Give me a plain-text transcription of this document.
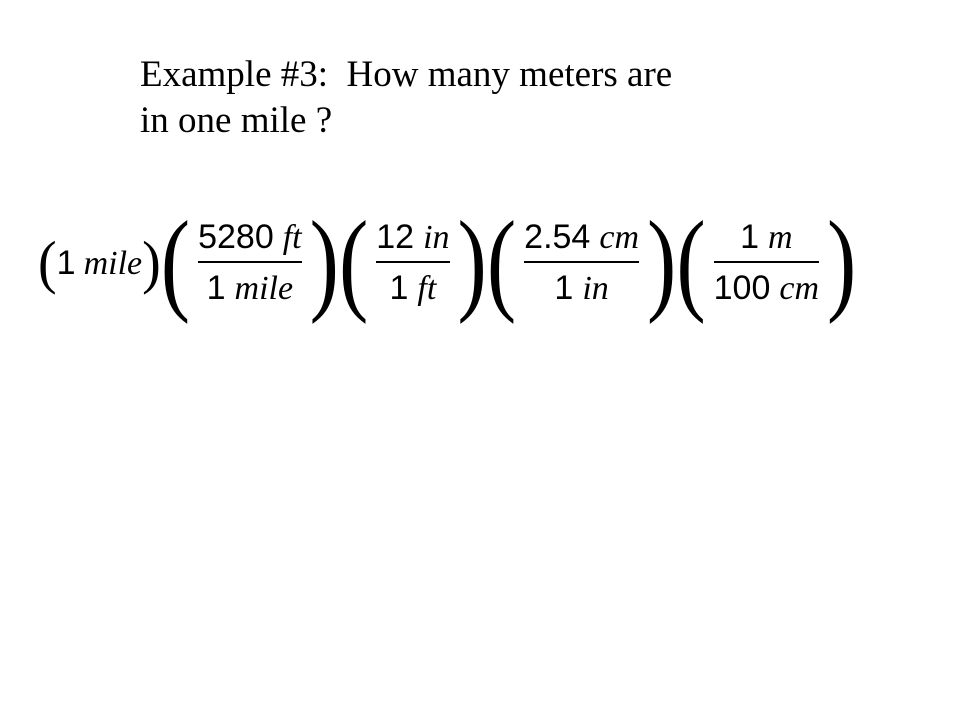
Example #3:  How many meters are
in one mile ?
( 1 mile ) ( $\frac{5280 ft}{\text{1 mile}}$ ) ( $\frac{12 in}{1 ft}$ ) ( $\frac{2.54 cm}{1 in}$ ) ( $\frac{1 m}{100 cm}$ )
